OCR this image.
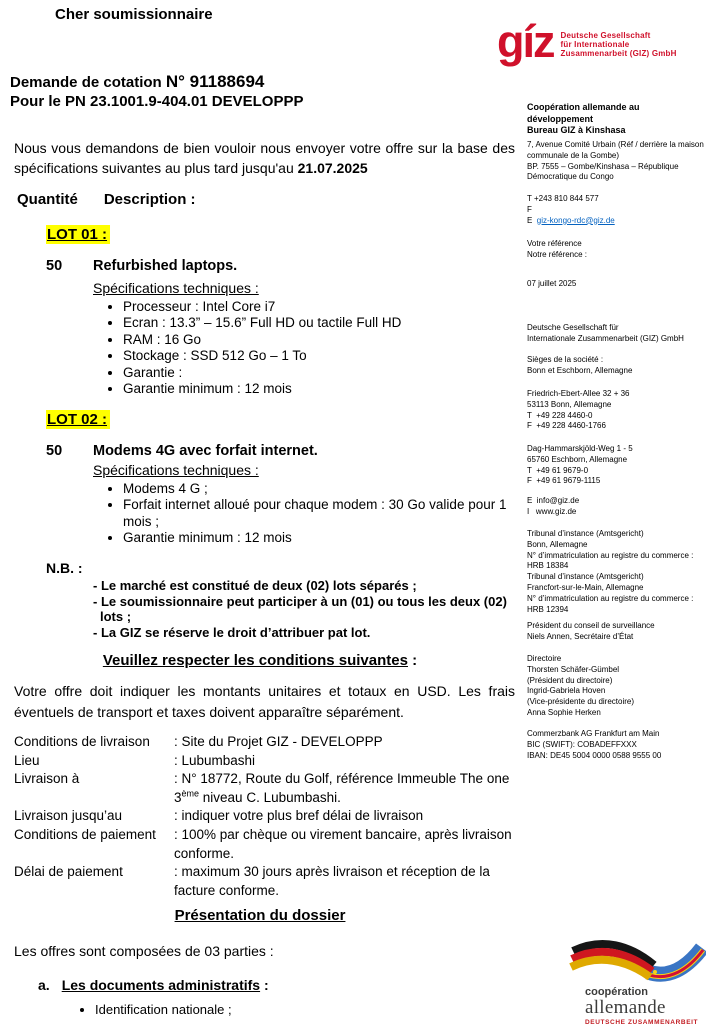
Cher soumissionnaire
gíz Deutsche Gesellschaft
für Internationale
Zusammenarbeit (GIZ) GmbH
Demande de cotation N° 91188694
Pour le PN 23.1001.9-404.01 DEVELOPPP
Nous vous demandons de bien vouloir nous envoyer votre offre sur la base des spécifications suivantes au plus tard jusqu'au 21.07.2025
Quantité Description :
LOT 01 :
50 Refurbished laptops.
Spécifications techniques :
• Processeur : Intel Core i7
• Ecran : 13.3” – 15.6” Full HD ou tactile Full HD
• RAM : 16 Go
• Stockage : SSD 512 Go – 1 To
• Garantie :
• Garantie minimum : 12 mois
LOT 02 :
50 Modems 4G avec forfait internet.
Spécifications techniques :
• Modems 4 G ;
• Forfait internet alloué pour chaque modem : 30 Go valide pour 1 mois ;
• Garantie minimum : 12 mois
N.B. :
- Le marché est constitué de deux (02) lots séparés ;
- Le soumissionnaire peut participer à un (01) ou tous les deux (02) lots ;
- La GIZ se réserve le droit d’attribuer pat lot.
Veuillez respecter les conditions suivantes :
Votre offre doit indiquer les montants unitaires et totaux en USD. Les frais éventuels de transport et taxes doivent apparaître séparément.
Conditions de livraison	: Site du Projet GIZ - DEVELOPPP
Lieu	: Lubumbashi
Livraison à	: N° 18772, Route du Golf, référence Immeuble The one 3ème niveau C. Lubumbashi.
Livraison jusqu’au	: indiquer votre plus bref délai de livraison
Conditions de paiement	: 100% par chèque ou virement bancaire, après livraison conforme.
Délai de paiement	: maximum 30 jours après livraison et réception de la facture conforme.
Présentation du dossier
Les offres sont composées de 03 parties :
a. Les documents administratifs :
• Identification nationale ;
Coopération allemande au développement
Bureau GIZ à Kinshasa
7, Avenue Comité Urbain (Réf / derrière la maison
communale de la Gombe)
BP. 7555 – Gombe/Kinshasa – République
Démocratique du Congo
T +243 810 844 577
F
E  giz-kongo-rdc@giz.de
Votre référence
Notre référence :
07 juillet 2025
Deutsche Gesellschaft für
Internationale Zusammenarbeit (GIZ) GmbH
Sièges de la société :
Bonn et Eschborn, Allemagne
Friedrich-Ebert-Allee 32 + 36
53113 Bonn, Allemagne
T  +49 228 4460-0
F  +49 228 4460-1766
Dag-Hammarskjöld-Weg 1 - 5
65760 Eschborn, Allemagne
T  +49 61 9679-0
F  +49 61 9679-1115
E  info@giz.de
I   www.giz.de
Tribunal d’instance (Amtsgericht)
Bonn, Allemagne
N° d’immatriculation au registre du commerce :
HRB 18384
Tribunal d’instance (Amtsgericht)
Francfort-sur-le-Main, Allemagne
N° d’immatriculation au registre du commerce :
HRB 12394
Président du conseil de surveillance
Niels Annen, Secrétaire d’État
Directoire
Thorsten Schäfer-Gümbel
(Président du directoire)
Ingrid-Gabriela Hoven
(Vice-présidente du directoire)
Anna Sophie Herken
Commerzbank AG Frankfurt am Main
BIC (SWIFT): COBADEFFXXX
IBAN: DE45 5004 0000 0588 9555 00
coopération
allemande
DEUTSCHE ZUSAMMENARBEIT
